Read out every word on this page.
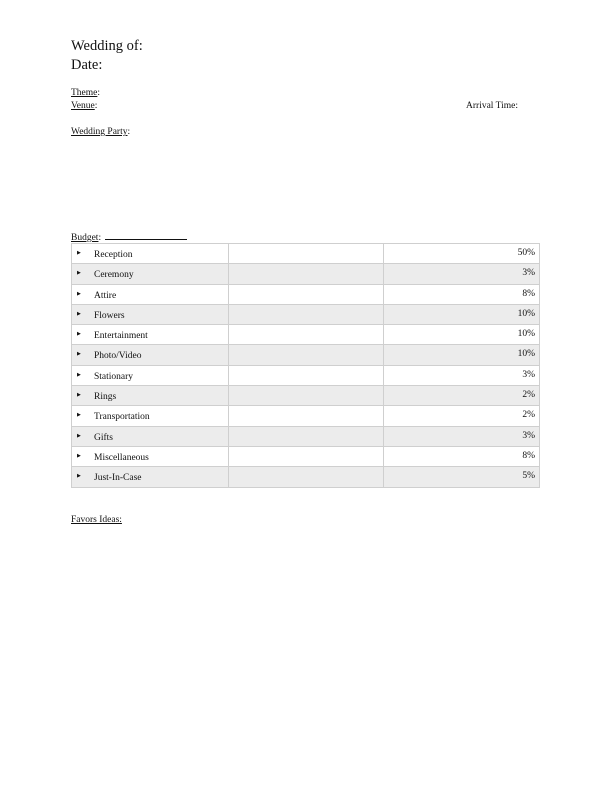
Wedding of:
Date:
Theme:
Venue:	Arrival Time:
Wedding Party:
Budget:
▶ Reception		50%

▶ Ceremony		3%

▶ Attire		8%

▶ Flowers		10%

▶ Entertainment		10%

▶ Photo/Video		10%

▶ Stationary		3%

▶ Rings		2%

▶ Transportation		2%

▶ Gifts		3%

▶ Miscellaneous		8%

▶ Just-In-Case		5%
Favors Ideas:
